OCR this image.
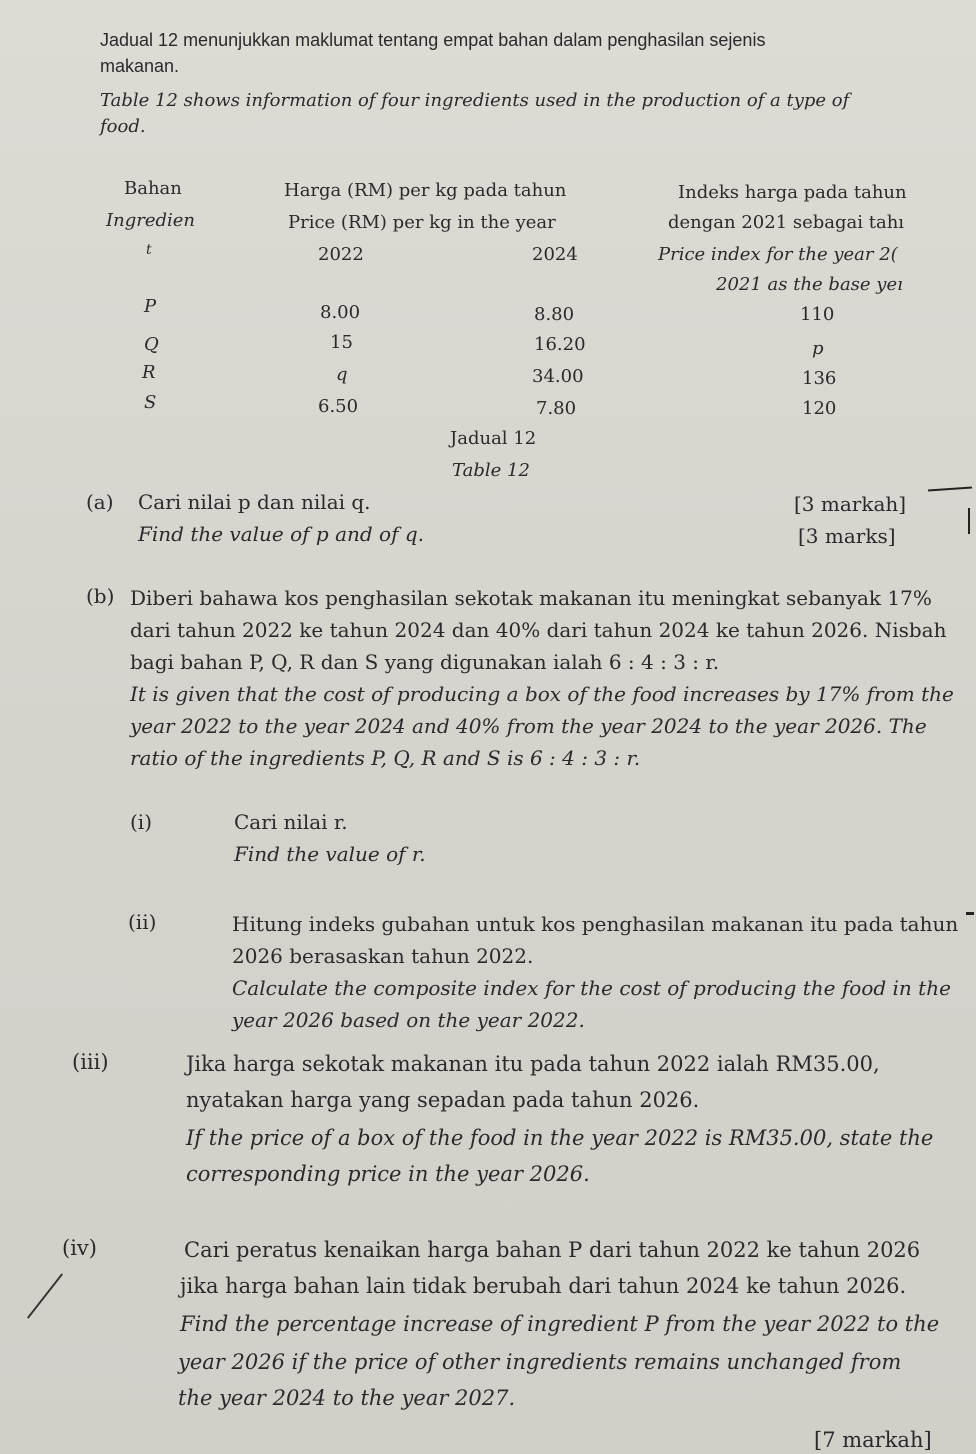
Jadual 12 menunjukkan maklumat tentang empat bahan dalam penghasilan sejenis
makanan.
Table 12 shows information of four ingredients used in the production of a type of
food.
Bahan
Ingredien
t
Harga (RM) per kg pada tahun
Price (RM) per kg in the year
2022	2024
Indeks harga pada tahun
dengan 2021 sebagai tahı
Price index for the year 2(
2021 as the base yeı
P	8.00	8.80	110
Q	15	16.20	p
R	q	34.00	136
S	6.50	7.80	120
Jadual 12
Table 12
(a) Cari nilai p dan nilai q.
Find the value of p and of q.
[3 markah]
[3 marks]
(b) Diberi bahawa kos penghasilan sekotak makanan itu meningkat sebanyak 17%
dari tahun 2022 ke tahun 2024 dan 40% dari tahun 2024 ke tahun 2026. Nisbah
bagi bahan P, Q, R dan S yang digunakan ialah 6 : 4 : 3 : r.
It is given that the cost of producing a box of the food increases by 17% from the
year 2022 to the year 2024 and 40% from the year 2024 to the year 2026. The
ratio of the ingredients P, Q, R and S is 6 : 4 : 3 : r.
(i)	Cari nilai r.
Find the value of r.
(ii)	Hitung indeks gubahan untuk kos penghasilan makanan itu pada tahun
2026 berasaskan tahun 2022.
Calculate the composite index for the cost of producing the food in the
year 2026 based on the year 2022.
(iii)	Jika harga sekotak makanan itu pada tahun 2022 ialah RM35.00,
nyatakan harga yang sepadan pada tahun 2026.
If the price of a box of the food in the year 2022 is RM35.00, state the
corresponding price in the year 2026.
(iv)	Cari peratus kenaikan harga bahan P dari tahun 2022 ke tahun 2026
jika harga bahan lain tidak berubah dari tahun 2024 ke tahun 2026.
Find the percentage increase of ingredient P from the year 2022 to the
year 2026 if the price of other ingredients remains unchanged from
the year 2024 to the year 2027.
[7 markah]
